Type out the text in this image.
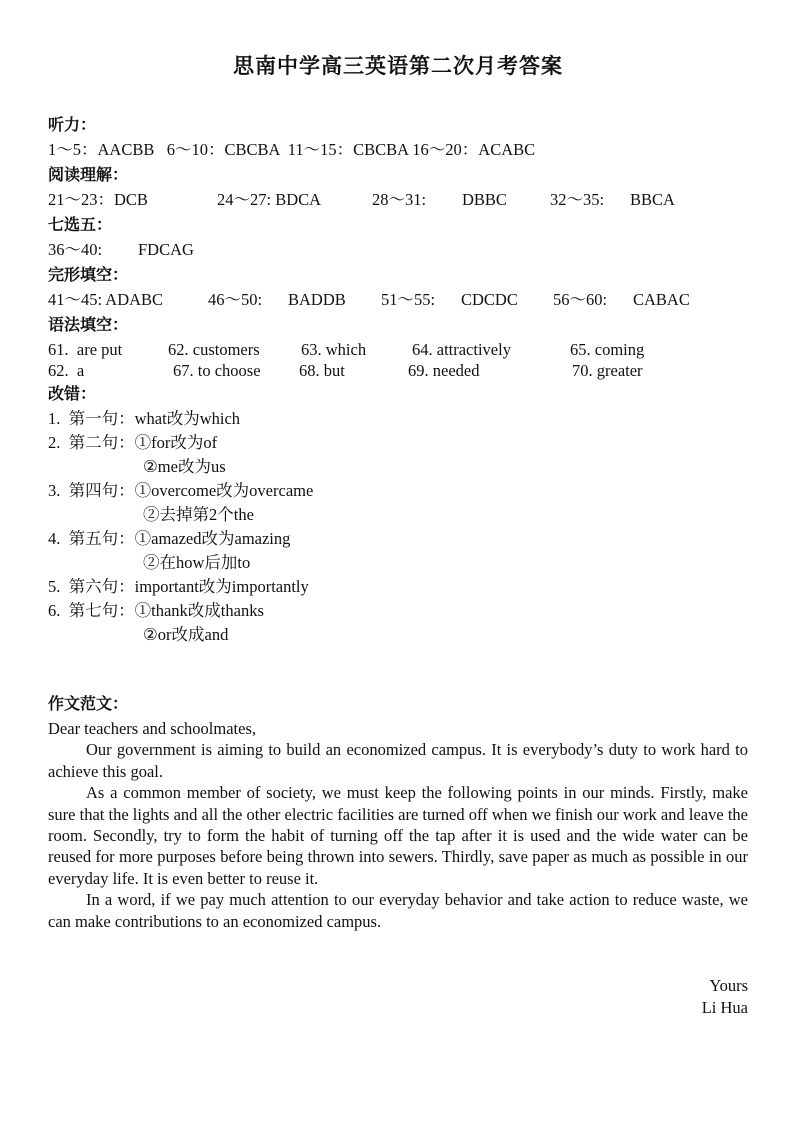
思南中学高三英语第二次月考答案
听力：
1～5：AACBB   6～10：CBCBA  11～15：CBCBA 16～20：ACABC
阅读理解：
21～23：DCB	24～27: BDCA	28～31: DBBC	32～35: BBCA
七选五：
36～40: FDCAG
完形填空：
41～45: ADABC	46～50: BADDB 51～55: CDCDC 56～60: CABAC
语法填空：
61.  are put	62. customers	63. which	64. attractively	65. coming
62.  a	67. to choose 68. but	69. needed	70. greater
改错：
1.  第一句：what改为which
2.  第二句：①for改为of
②me改为us
3.  第四句：①overcome改为overcame
②去掉第2个the
4.  第五句：①amazed改为amazing
②在how后加to
5.  第六句：important改为importantly
6.  第七句：①thank改成thanks
②or改成and
作文范文：

Dear teachers and schoolmates,

Our government is aiming to build an economized campus. It is everybody’s duty to work hard to achieve this goal.

As a common member of society, we must keep the following points in our minds. Firstly, make sure that the lights and all the other electric facilities are turned off when we finish our work and leave the room. Secondly, try to form the habit of turning off the tap after it is used and the wide water can be reused for more purposes before being thrown into sewers. Thirdly, save paper as much as possible in our everyday life. It is even better to reuse it.

In a word, if we pay much attention to our everyday behavior and take action to reduce waste, we can make contributions to an economized campus.

Yours
Li Hua
